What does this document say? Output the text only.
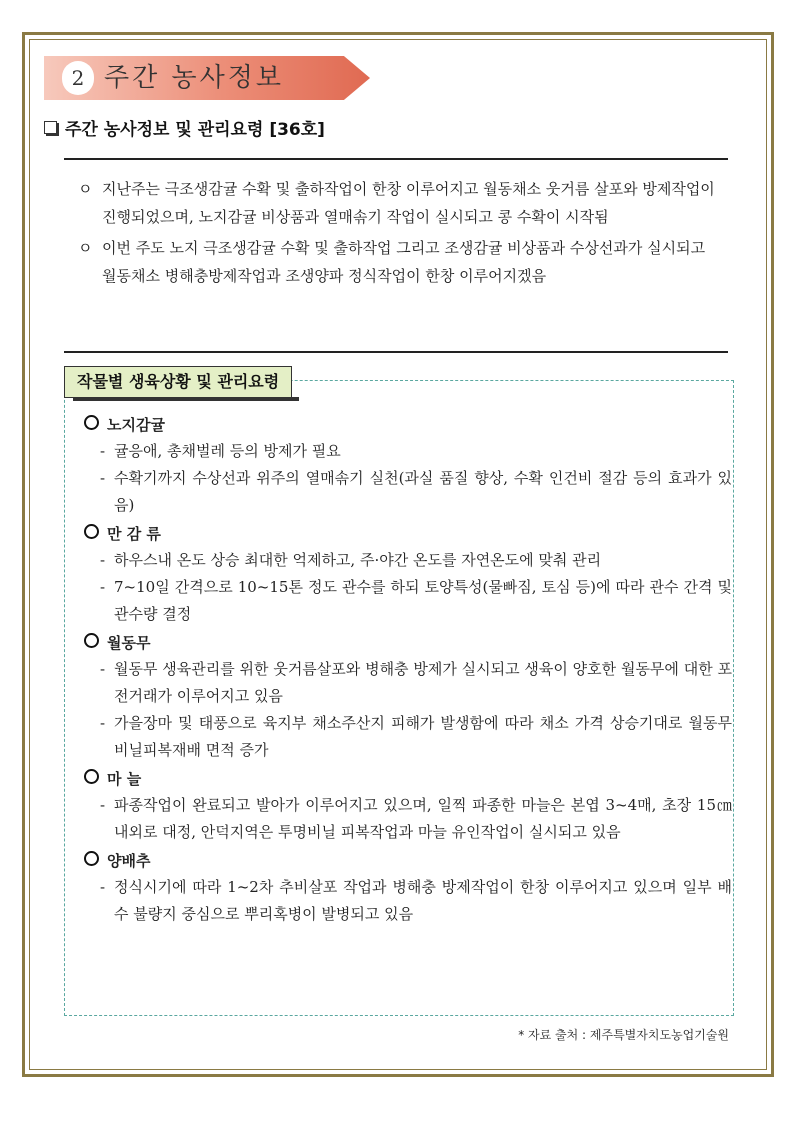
2 주간 농사정보
주간 농사정보 및 관리요령 [36호]
ㅇ 지난주는 극조생감귤 수확 및 출하작업이 한창 이루어지고 월동채소 웃거름 살포와 방제작업이 진행되었으며, 노지감귤 비상품과 열매솎기 작업이 실시되고 콩 수확이 시작됨
ㅇ 이번 주도 노지 극조생감귤 수확 및 출하작업 그리고 조생감귤 비상품과 수상선과가 실시되고 월동채소 병해충방제작업과 조생양파 정식작업이 한창 이루어지겠음
작물별 생육상황 및 관리요령
노지감귤
- 귤응애, 총채벌레 등의 방제가 필요
- 수확기까지 수상선과 위주의 열매솎기 실천(과실 품질 향상, 수확 인건비 절감 등의 효과가 있음)
만 감 류
- 하우스내 온도 상승 최대한 억제하고, 주·야간 온도를 자연온도에 맞춰 관리
- 7~10일 간격으로 10~15톤 정도 관수를 하되 토양특성(물빠짐, 토심 등)에 따라 관수 간격 및 관수량 결정
월동무
- 월동무 생육관리를 위한 웃거름살포와 병해충 방제가 실시되고 생육이 양호한 월동무에 대한 포전거래가 이루어지고 있음
- 가을장마 및 태풍으로 육지부 채소주산지 피해가 발생함에 따라 채소 가격 상승기대로 월동무 비닐피복재배 면적 증가
마 늘
- 파종작업이 완료되고 발아가 이루어지고 있으며, 일찍 파종한 마늘은 본엽 3~4매, 초장 15㎝ 내외로 대정, 안덕지역은 투명비닐 피복작업과 마늘 유인작업이 실시되고 있음
양배추
- 정식시기에 따라 1~2차 추비살포 작업과 병해충 방제작업이 한창 이루어지고 있으며 일부 배수 불량지 중심으로 뿌리혹병이 발병되고 있음
* 자료 출처 : 제주특별자치도농업기술원
